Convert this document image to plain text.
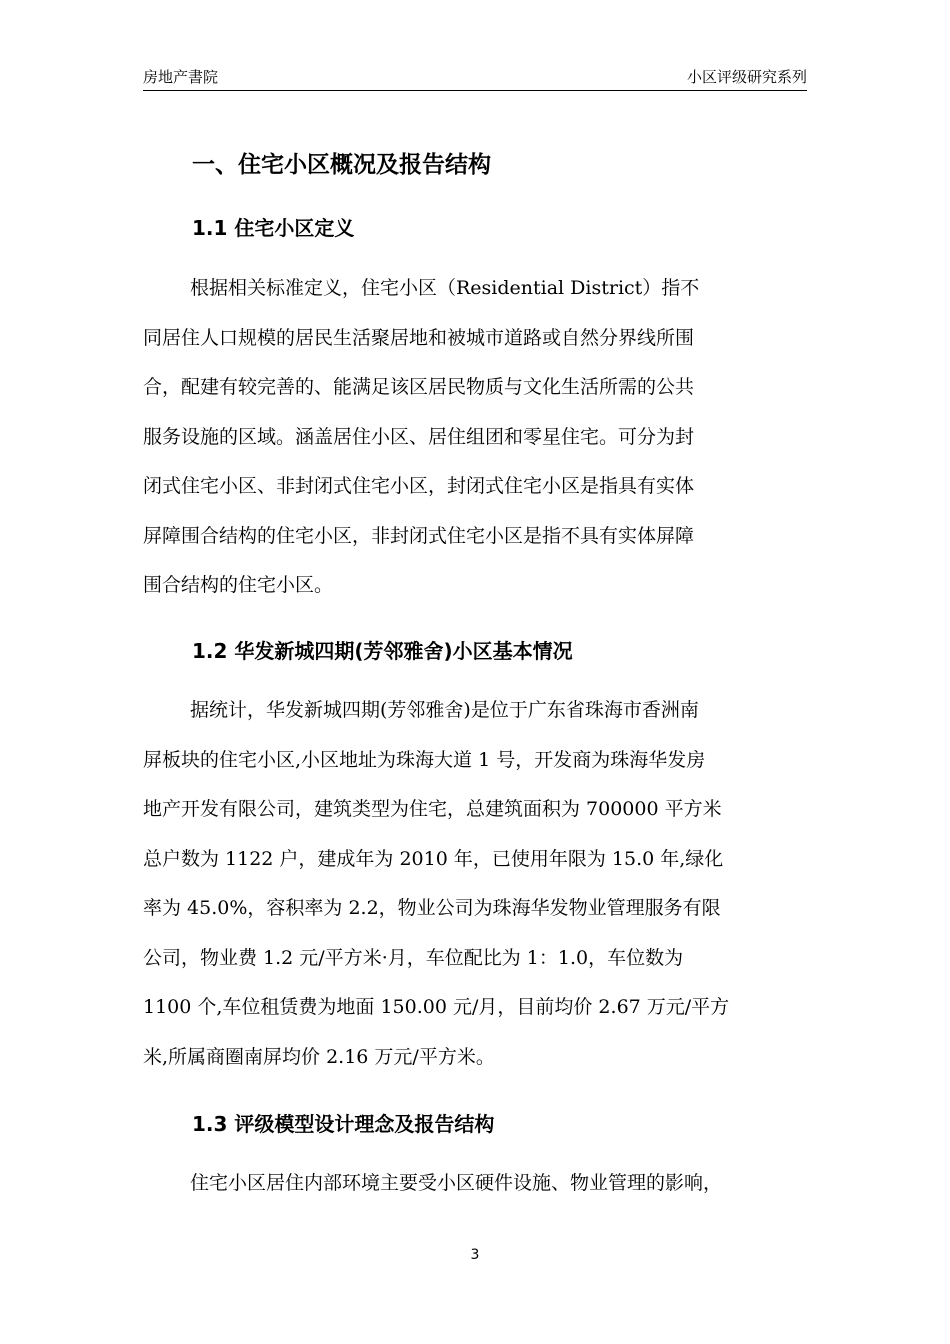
房地产書院	小区评级研究系列
一、住宅小区概况及报告结构
1.1 住宅小区定义
根据相关标准定义，住宅小区（Residential District）指不
同居住人口规模的居民生活聚居地和被城市道路或自然分界线所围
合，配建有较完善的、能满足该区居民物质与文化生活所需的公共
服务设施的区域。涵盖居住小区、居住组团和零星住宅。可分为封
闭式住宅小区、非封闭式住宅小区，封闭式住宅小区是指具有实体
屏障围合结构的住宅小区，非封闭式住宅小区是指不具有实体屏障
围合结构的住宅小区。
1.2 华发新城四期(芳邻雅舍)小区基本情况
据统计，华发新城四期(芳邻雅舍)是位于广东省珠海市香洲南
屏板块的住宅小区,小区地址为珠海大道 1 号，开发商为珠海华发房
地产开发有限公司，建筑类型为住宅，总建筑面积为 700000 平方米
总户数为 1122 户，建成年为 2010 年，已使用年限为 15.0 年,绿化
率为 45.0%，容积率为 2.2，物业公司为珠海华发物业管理服务有限
公司，物业费 1.2 元/平方米·月，车位配比为 1：1.0，车位数为
1100 个,车位租赁费为地面 150.00 元/月，目前均价 2.67 万元/平方
米,所属商圈南屏均价 2.16 万元/平方米。
1.3 评级模型设计理念及报告结构
住宅小区居住内部环境主要受小区硬件设施、物业管理的影响，
3
